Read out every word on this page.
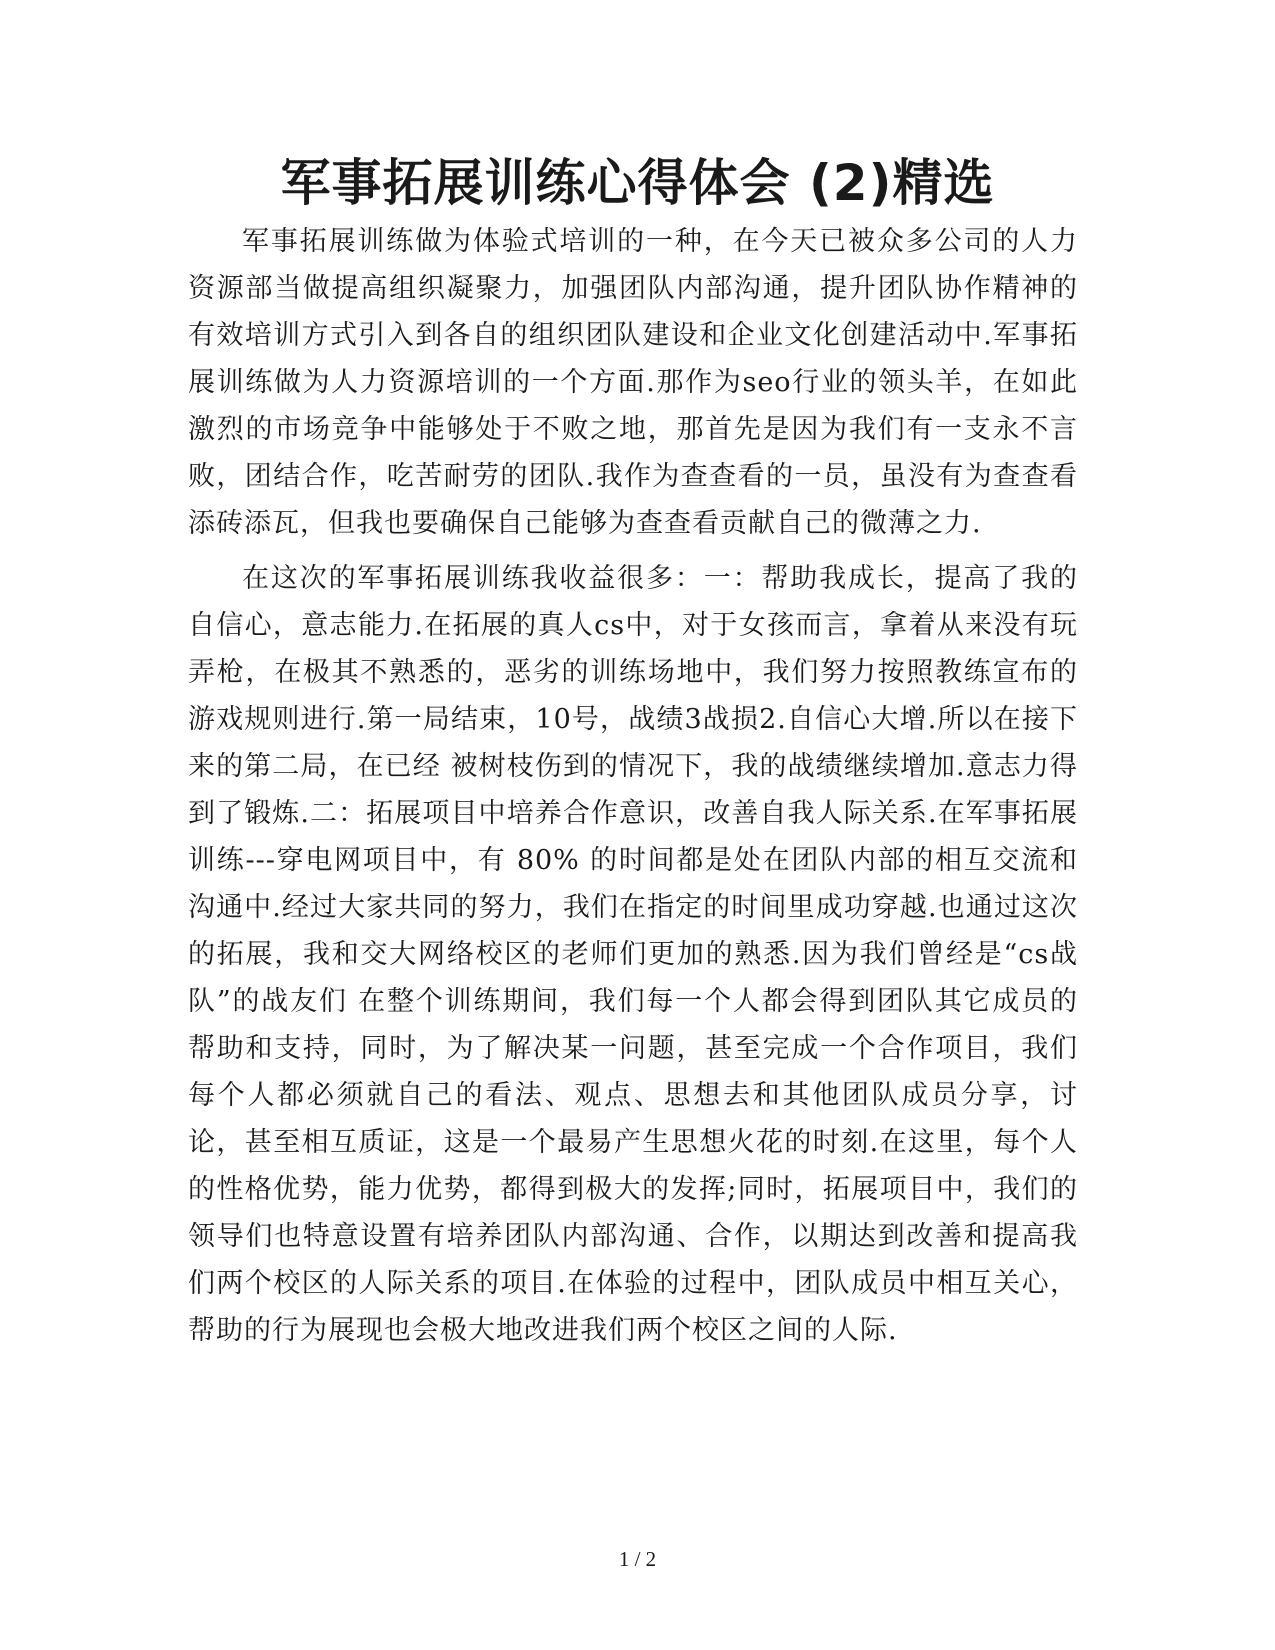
军事拓展训练心得体会 (2)精选

军事拓展训练做为体验式培训的一种，在今天已被众多公司的人力资源部当做提高组织凝聚力，加强团队内部沟通，提升团队协作精神的有效培训方式引入到各自的组织团队建设和企业文化创建活动中.军事拓展训练做为人力资源培训的一个方面.那作为seo行业的领头羊，在如此激烈的市场竞争中能够处于不败之地，那首先是因为我们有一支永不言败，团结合作，吃苦耐劳的团队.我作为查查看的一员，虽没有为查查看添砖添瓦，但我也要确保自己能够为查查看贡献自己的微薄之力.

在这次的军事拓展训练我收益很多：一：帮助我成长，提高了我的自信心，意志能力.在拓展的真人cs中，对于女孩而言，拿着从来没有玩弄枪，在极其不熟悉的，恶劣的训练场地中，我们努力按照教练宣布的游戏规则进行.第一局结束，10号，战绩3战损2.自信心大增.所以在接下来的第二局，在已经 被树枝伤到的情况下，我的战绩继续增加.意志力得到了锻炼.二：拓展项目中培养合作意识，改善自我人际关系.在军事拓展训练---穿电网项目中，有 80% 的时间都是处在团队内部的相互交流和沟通中.经过大家共同的努力，我们在指定的时间里成功穿越.也通过这次的拓展，我和交大网络校区的老师们更加的熟悉.因为我们曾经是“cs战队”的战友们 在整个训练期间，我们每一个人都会得到团队其它成员的帮助和支持，同时，为了解决某一问题，甚至完成一个合作项目，我们每个人都必须就自己的看法、观点、思想去和其他团队成员分享，讨论，甚至相互质证，这是一个最易产生思想火花的时刻.在这里，每个人的性格优势，能力优势，都得到极大的发挥;同时，拓展项目中，我们的领导们也特意设置有培养团队内部沟通、合作，以期达到改善和提高我们两个校区的人际关系的项目.在体验的过程中，团队成员中相互关心，帮助的行为展现也会极大地改进我们两个校区之间的人际.

1 / 2
